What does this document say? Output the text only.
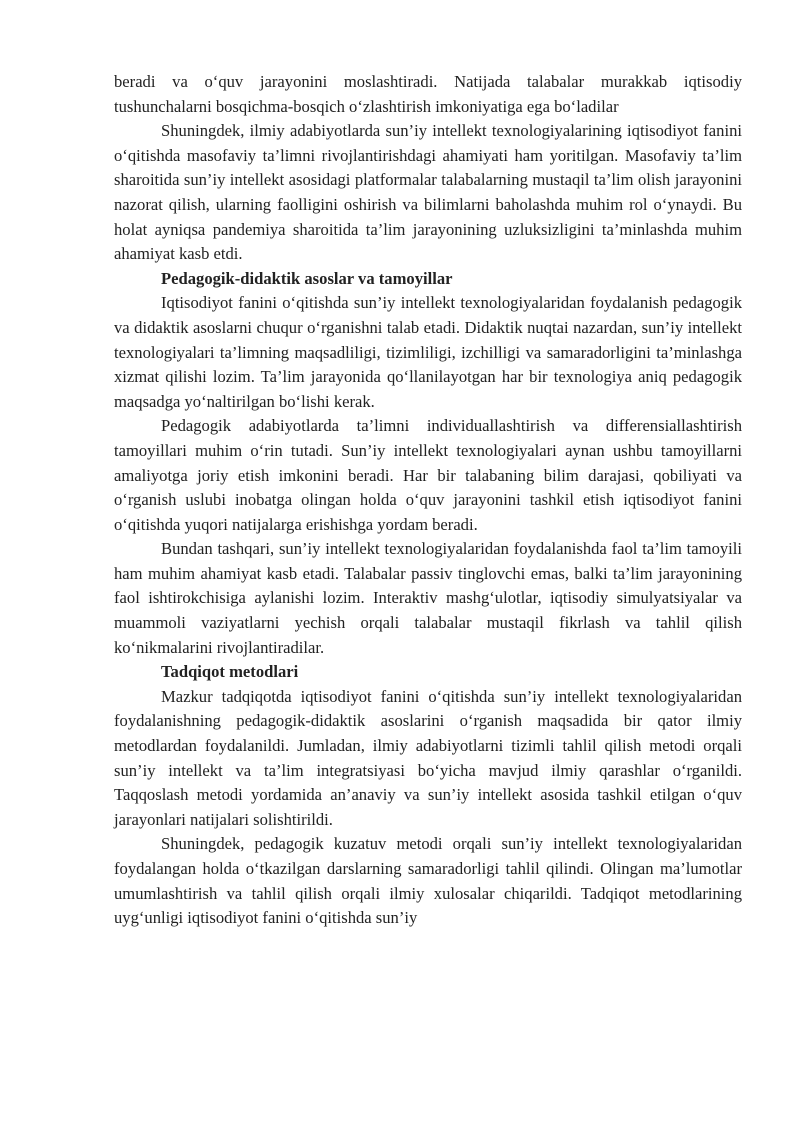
beradi va o‘quv jarayonini moslashtiradi. Natijada talabalar murakkab iqtisodiy tushunchalarni bosqichma-bosqich o‘zlashtirish imkoniyatiga ega bo‘ladilar

Shuningdek, ilmiy adabiyotlarda sun’iy intellekt texnologiyalarining iqtisodiyot fanini o‘qitishda masofaviy ta’limni rivojlantirishdagi ahamiyati ham yoritilgan. Masofaviy ta’lim sharoitida sun’iy intellekt asosidagi platformalar talabalarning mustaqil ta’lim olish jarayonini nazorat qilish, ularning faolligini oshirish va bilimlarni baholashda muhim rol o‘ynaydi. Bu holat ayniqsa pandemiya sharoitida ta’lim jarayonining uzluksizligini ta’minlashda muhim ahamiyat kasb etdi.

Pedagogik-didaktik asoslar va tamoyillar

Iqtisodiyot fanini o‘qitishda sun’iy intellekt texnologiyalaridan foydalanish pedagogik va didaktik asoslarni chuqur o‘rganishni talab etadi. Didaktik nuqtai nazardan, sun’iy intellekt texnologiyalari ta’limning maqsadliligi, tizimliligi, izchilligi va samaradorligini ta’minlashga xizmat qilishi lozim. Ta’lim jarayonida qo‘llanilayotgan har bir texnologiya aniq pedagogik maqsadga yo‘naltirilgan bo‘lishi kerak.

Pedagogik adabiyotlarda ta’limni individuallashtirish va differensiallashtirish tamoyillari muhim o‘rin tutadi. Sun’iy intellekt texnologiyalari aynan ushbu tamoyillarni amaliyotga joriy etish imkonini beradi. Har bir talabaning bilim darajasi, qobiliyati va o‘rganish uslubi inobatga olingan holda o‘quv jarayonini tashkil etish iqtisodiyot fanini o‘qitishda yuqori natijalarga erishishga yordam beradi.

Bundan tashqari, sun’iy intellekt texnologiyalaridan foydalanishda faol ta’lim tamoyili ham muhim ahamiyat kasb etadi. Talabalar passiv tinglovchi emas, balki ta’lim jarayonining faol ishtirokchisiga aylanishi lozim. Interaktiv mashg‘ulotlar, iqtisodiy simulyatsiyalar va muammoli vaziyatlarni yechish orqali talabalar mustaqil fikrlash va tahlil qilish ko‘nikmalarini rivojlantiradilar.

Tadqiqot metodlari

Mazkur tadqiqotda iqtisodiyot fanini o‘qitishda sun’iy intellekt texnologiyalaridan foydalanishning pedagogik-didaktik asoslarini o‘rganish maqsadida bir qator ilmiy metodlardan foydalanildi. Jumladan, ilmiy adabiyotlarni tizimli tahlil qilish metodi orqali sun’iy intellekt va ta’lim integratsiyasi bo‘yicha mavjud ilmiy qarashlar o‘rganildi. Taqqoslash metodi yordamida an’anaviy va sun’iy intellekt asosida tashkil etilgan o‘quv jarayonlari natijalari solishtirildi.

Shuningdek, pedagogik kuzatuv metodi orqali sun’iy intellekt texnologiyalaridan foydalangan holda o‘tkazilgan darslarning samaradorligi tahlil qilindi. Olingan ma’lumotlar umumlashtirish va tahlil qilish orqali ilmiy xulosalar chiqarildi. Tadqiqot metodlarining uyg‘unligi iqtisodiyot fanini o‘qitishda sun’iy
